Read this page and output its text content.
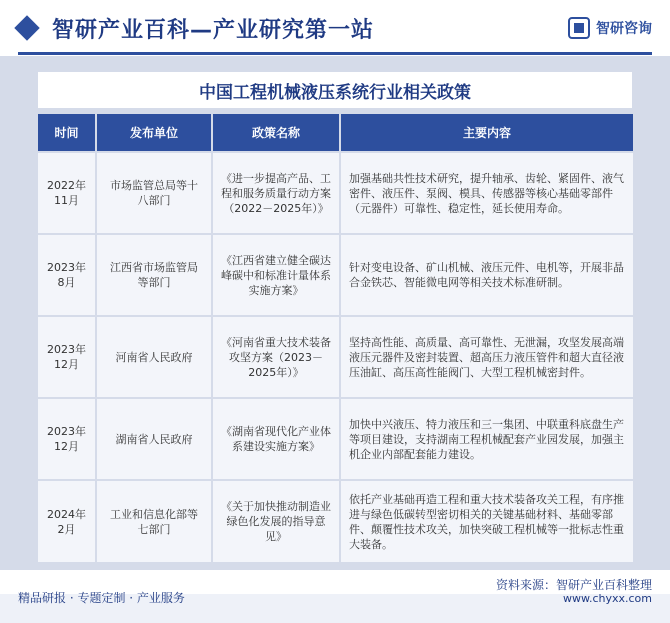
智研产业百科—产业研究第一站	智研咨询
中国工程机械液压系统行业相关政策
时间	发布单位	政策名称	主要内容
2022年11月	市场监管总局等十八部门	《进一步提高产品、工程和服务质量行动方案（2022－2025年）》	加强基础共性技术研究，提升轴承、齿轮、紧固件、液气密件、液压件、泵阀、模具、传感器等核心基础零部件（元器件）可靠性、稳定性，延长使用寿命。
2023年8月	江西省市场监管局等部门	《江西省建立健全碳达峰碳中和标准计量体系实施方案》	针对变电设备、矿山机械、液压元件、电机等，开展非晶合金铁芯、智能微电网等相关技术标准研制。
2023年12月	河南省人民政府	《河南省重大技术装备攻坚方案（2023－2025年）》	坚持高性能、高质量、高可靠性、无泄漏，攻坚发展高端液压元器件及密封装置、超高压力液压管件和超大直径液压油缸、高压高性能阀门、大型工程机械密封件。
2023年12月	湖南省人民政府	《湖南省现代化产业体系建设实施方案》	加快中兴液压、特力液压和三一集团、中联重科底盘生产等项目建设，支持湖南工程机械配套产业园发展，加强主机企业内部配套能力建设。
2024年2月	工业和信息化部等七部门	《关于加快推动制造业绿色化发展的指导意见》	依托产业基础再造工程和重大技术装备攻关工程，有序推进与绿色低碳转型密切相关的关键基础材料、基础零部件、颠覆性技术攻关，加快突破工程机械等一批标志性重大装备。
资料来源：智研产业百科整理
精品研报 · 专题定制 · 产业服务	www.chyxx.com
